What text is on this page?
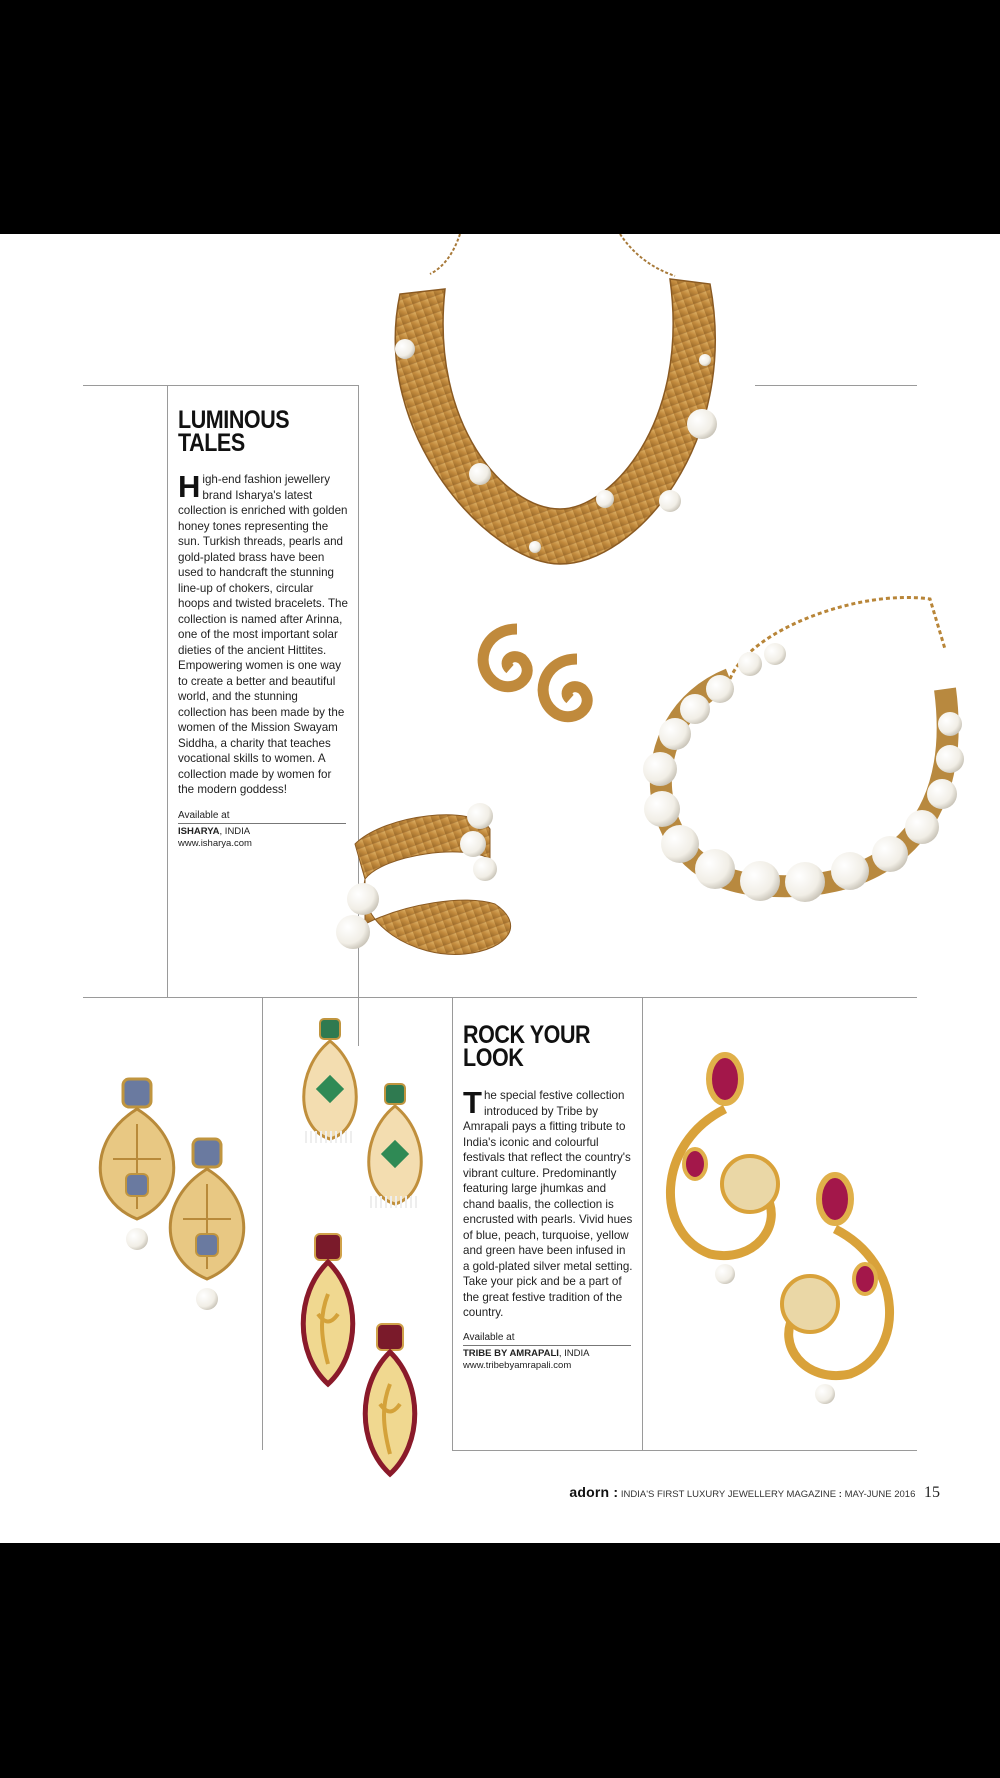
LUMINOUS
TALES
High-end fashion jewellery brand Isharya's latest collection is enriched with golden honey tones representing the sun. Turkish threads, pearls and gold-plated brass have been used to handcraft the stunning line-up of chokers, circular hoops and twisted bracelets. The collection is named after Arinna, one of the most important solar dieties of the ancient Hittites. Empowering women is one way to create a better and beautiful world, and the stunning collection has been made by the women of the Mission Swayam Siddha, a charity that teaches vocational skills to women. A collection made by women for the modern goddess!
Available at
ISHARYA, INDIA
www.isharya.com
ROCK YOUR
LOOK
The special festive collection introduced by Tribe by Amrapali pays a fitting tribute to India's iconic and colourful festivals that reflect the country's vibrant culture. Predominantly featuring large jhumkas and chand baalis, the collection is encrusted with pearls. Vivid hues of blue, peach, turquoise, yellow and green have been infused in a gold-plated silver metal setting. Take your pick and be a part of the great festive tradition of the country.
Available at
TRIBE BY AMRAPALI, INDIA
www.tribebyamrapali.com
adorn : INDIA'S FIRST LUXURY JEWELLERY MAGAZINE : MAY-JUNE 2016 15
